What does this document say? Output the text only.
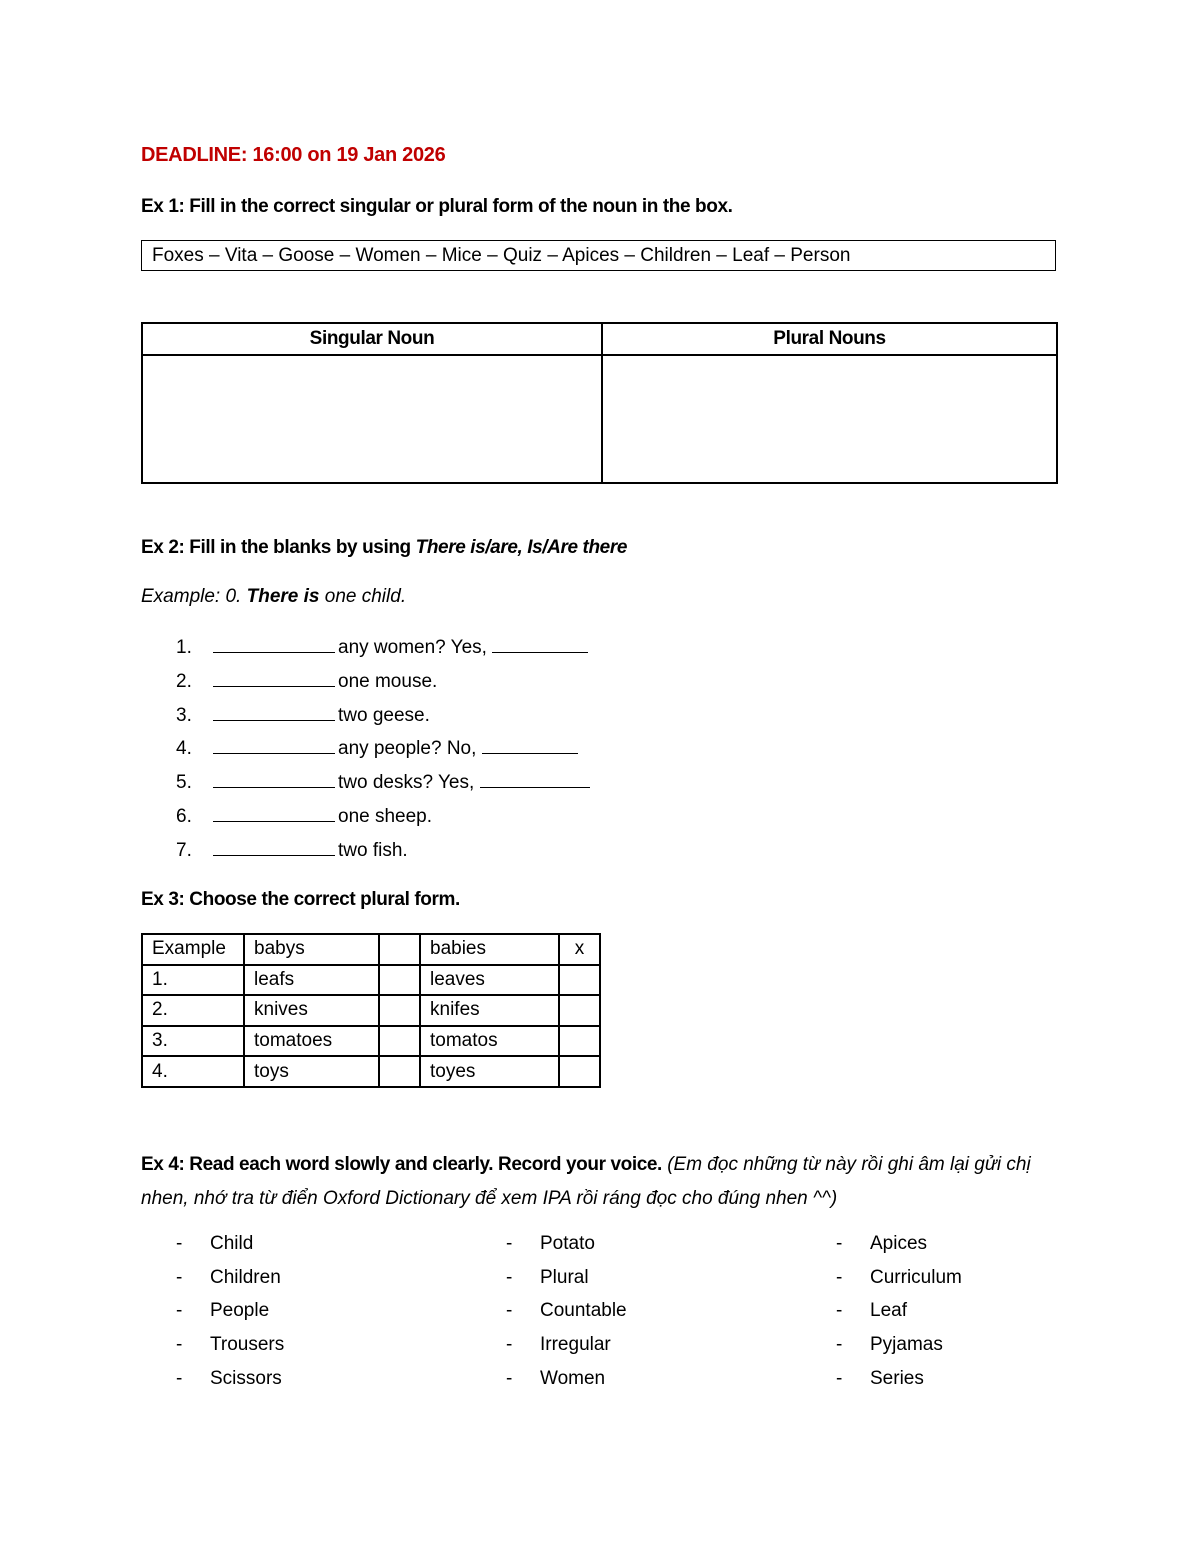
DEADLINE: 16:00 on 19 Jan 2026
Ex 1: Fill in the correct singular or plural form of the noun in the box.
Foxes – Vita – Goose – Women – Mice – Quiz – Apices – Children – Leaf – Person
Singular Noun	Plural Nouns

Ex 2: Fill in the blanks by using There is/are, Is/Are there
Example: 0. There is one child.
1.	any women? Yes,
2.	one mouse.
3.	two geese.
4.	any people? No,
5.	two desks? Yes,
6.	one sheep.
7.	two fish.
Ex 3: Choose the correct plural form.
Example	babys		babies	x
1.	leafs		leaves	
2.	knives		knifes	
3.	tomatoes		tomatos	
4.	toys		toyes	
Ex 4: Read each word slowly and clearly. Record your voice. (Em đọc những từ này rồi ghi âm lại gửi chị nhen, nhớ tra từ điển Oxford Dictionary để xem IPA rồi ráng đọc cho đúng nhen ^^)
- Child
- Children
- People
- Trousers
- Scissors
- Potato
- Plural
- Countable
- Irregular
- Women
- Apices
- Curriculum
- Leaf
- Pyjamas
- Series
